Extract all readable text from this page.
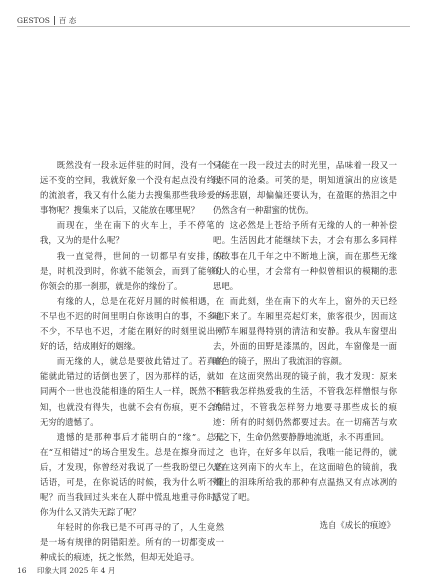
GESTOS 百 态

既然没有一段永远伴驻的时间，没有一个永远不变的空间，我就好象一个没有起点没有终点的流浪者，我又有什么能力去搜集那些我珍爱的事物呢？搜集来了以后，又能放在哪里呢？

而现在，坐在南下的火车上，手不停笔的我，又为的是什么呢？

我一直觉得，世间的一切都早有安排，只是，时机没到时，你就不能领会，而到了能够让你领会的那一刹那，就是你的缘份了。

有缘的人，总是在花好月圆的时候相遇，在不早也不迟的时间里明白你该明白的事，不多也不少，不早也不迟，才能在刚好的时刻里说出刚好的话，结成刚好的姻缘。

而无缘的人，就总是要彼此错过了。若真的能就此错过的话倒也罢了，因为那样的话，就如同两个一世也没能相逢的陌生人一样，既然不相知，也就没有得失，也就不会有伤痕，更不会有无穷的遗憾了。

遗憾的是那种事后才能明白的“缘”。总是在“互相错过”的场合里发生。总是在擦身而过之后，才发现，你曾经对我说了一些我盼望已久的话语，可是，在你说话的时候，我为什么听不懂呢？而当我回过头来在人群中慌乱地重寻你时，你为什么又消失无踪了呢？

年轻时的你我已是不可再寻的了，人生竟然是一场有规律的阴错阳差。所有的一切都变成一种成长的痕迹，抚之怅然，但却无处追寻。

只能在一段一段过去的时光里，品味着一段又一段不同的沧桑。可笑的是，明知道演出的应该是一场悲剧，却偏偏还要认为，在盈眶的热泪之中仍然含有一种甜蜜的忧伤。

这必然是上苍给予所有无缘的人的一种补偿吧。生活因此才能继续下去，才会有那么多同样的故事在几千年之中不断地上演，而在那些无缘的人的心里，才会常有一种似曾相识的模糊的悲思吧。

而此刻，坐在南下的火车上，窗外的天已经暗下来了。车厢里亮起灯来，旅客很少，因而这一节车厢显得特别的清洁和安静。我从车窗望出去，外面的田野是漆黑的，因此，车窗像是一面暗色的镜子，照出了我流泪的容颜。

在这面突然出现的镜子前，我才发现：原来不管我怎样热爱我的生活，不管我怎样憎恨与你的错过，不管我怎样努力地要寻那些成长的痕迹：所有的时刻仍然都要过去。在一切痛苦与欢乐之下，生命仍然要静静地流逝，永不再重回。

也许，在好多年以后，我唯一能记得的，就是在这列南下的火车上，在这面暗色的镜前，我颊上的泪珠所给我的那种有点温热又有点冰冽的感觉了吧。

选自《成长的痕迹》

16 印象大同 2025 年 4 月
